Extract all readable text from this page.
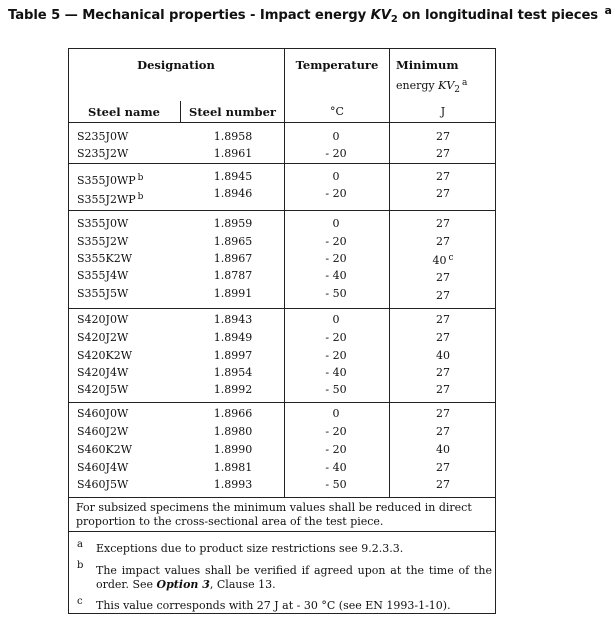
Table 5 — Mechanical properties - Impact energy $KV_2$ on longitudinal test pieces $^a$
Designation	Temperature	Minimum
energy $KV_2^a$
Steel name	Steel number	°C	J
S235J0W	1.8958	0	27
S235J2W	1.8961	- 20	27
S355J0WP $^b$	1.8945	0	27
S355J2WP $^b$	1.8946	- 20	27
S355J0W	1.8959	0	27
S355J2W	1.8965	- 20	27
S355K2W	1.8967	- 20	40 $^c$
S355J4W	1.8787	- 40	27
S355J5W	1.8991	- 50	27
S420J0W	1.8943	0	27
S420J2W	1.8949	- 20	27
S420K2W	1.8997	- 20	40
S420J4W	1.8954	- 40	27
S420J5W	1.8992	- 50	27
S460J0W	1.8966	0	27
S460J2W	1.8980	- 20	27
S460K2W	1.8990	- 20	40
S460J4W	1.8981	- 40	27
S460J5W	1.8993	- 50	27
For subsized specimens the minimum values shall be reduced in direct proportion to the cross-sectional area of the test piece.
a Exceptions due to product size restrictions see 9.2.3.3.
b The impact values shall be verified if agreed upon at the time of the order. See Option 3, Clause 13.
c This value corresponds with 27 J at - 30 °C (see EN 1993-1-10).
